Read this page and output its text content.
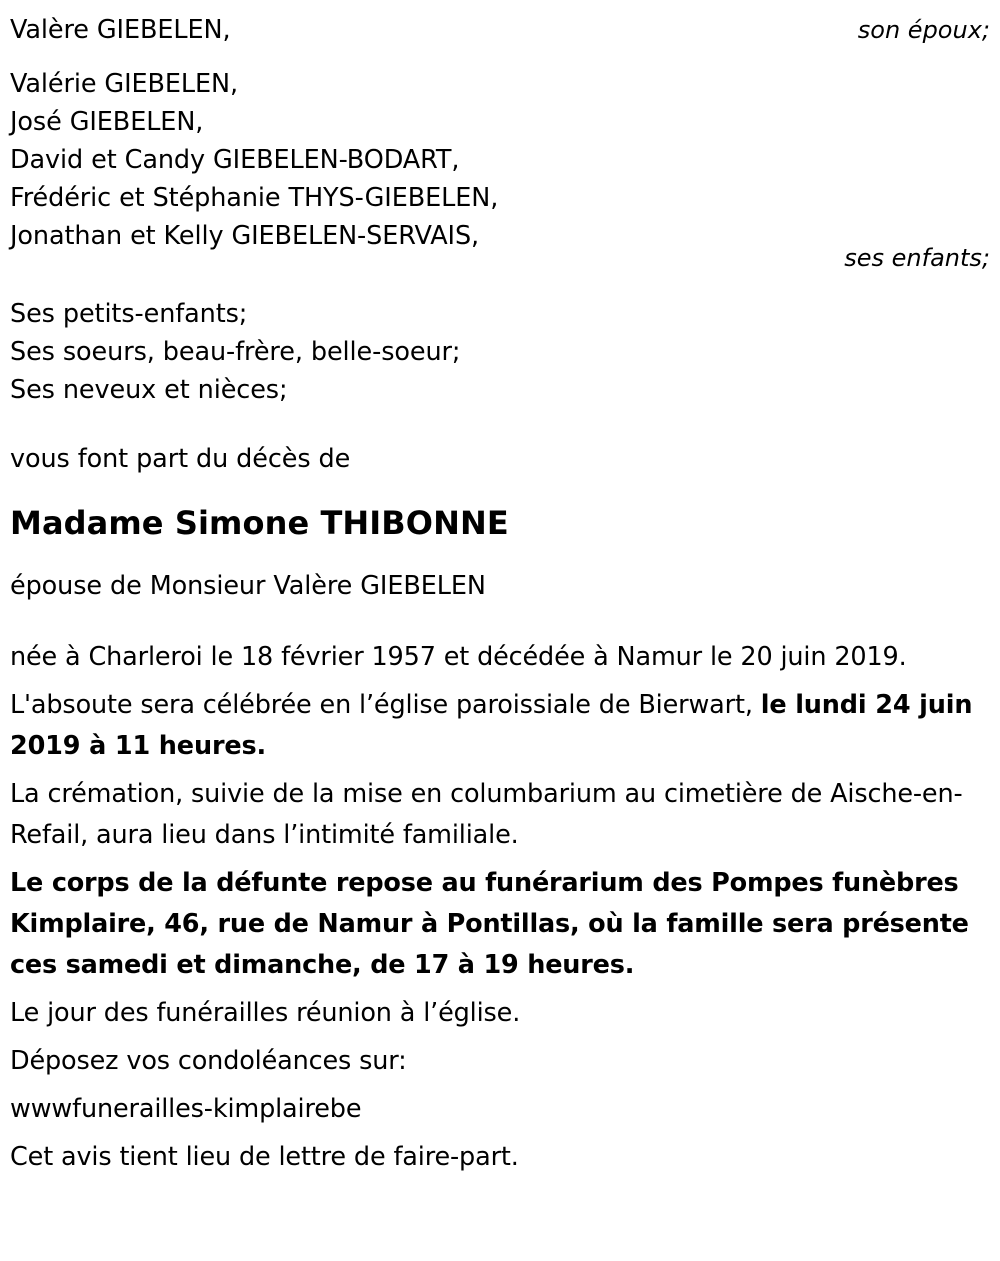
Valère GIEBELEN,	son époux;
Valérie GIEBELEN,
José GIEBELEN,
David et Candy GIEBELEN-BODART,
Frédéric et Stéphanie THYS-GIEBELEN,
Jonathan et Kelly GIEBELEN-SERVAIS,
ses enfants;
Ses petits-enfants;
Ses soeurs, beau-frère, belle-soeur;
Ses neveux et nièces;
vous font part du décès de
Madame Simone THIBONNE
épouse de Monsieur Valère GIEBELEN
née à Charleroi le 18 février 1957 et décédée à Namur le 20 juin 2019.
L'absoute sera célébrée en l’église paroissiale de Bierwart, le lundi 24 juin 2019 à 11 heures.
La crémation, suivie de la mise en columbarium au cimetière de Aische-en-Refail, aura lieu dans l’intimité familiale.
Le corps de la défunte repose au funérarium des Pompes funèbres Kimplaire, 46, rue de Namur à Pontillas, où la famille sera présente ces samedi et dimanche, de 17 à 19 heures.
Le jour des funérailles réunion à l’église.
Déposez vos condoléances sur:
wwwfunerailles-kimplairebe
Cet avis tient lieu de lettre de faire-part.
